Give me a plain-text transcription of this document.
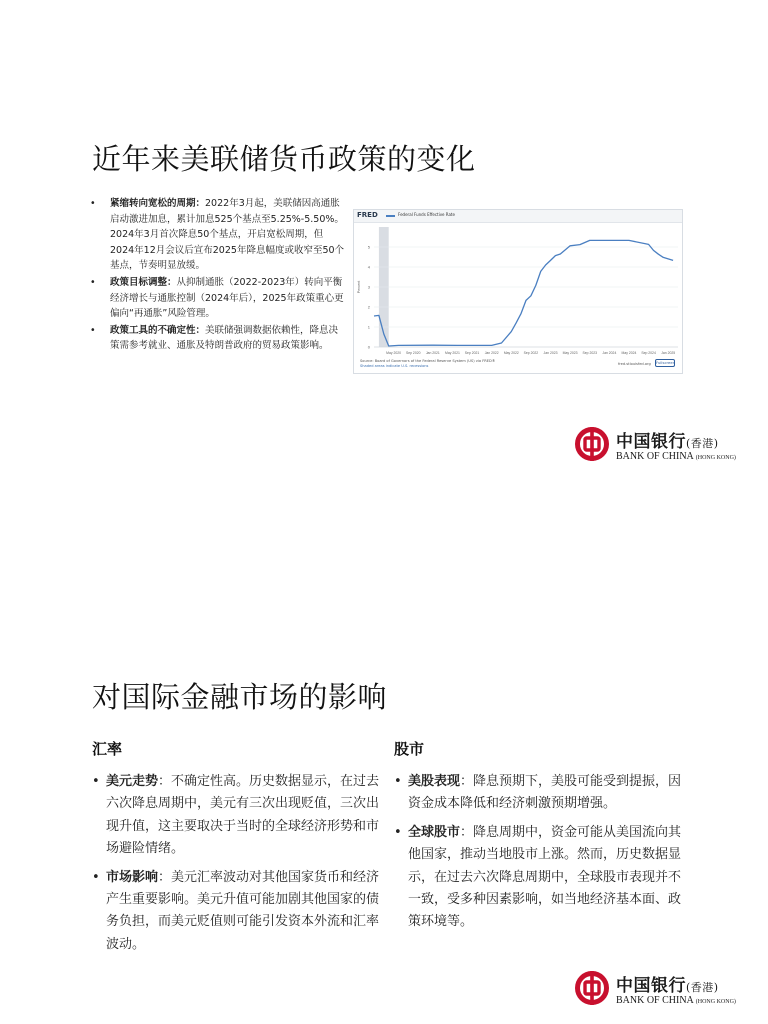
近年来美联储货币政策的变化
• 紧缩转向宽松的周期：2022年3月起，美联储因高通胀启动激进加息，累计加息525个基点至5.25%-5.50%。2024年3月首次降息50个基点，开启宽松周期，但2024年12月会议后宣布2025年降息幅度或收窄至50个基点，节奏明显放缓。
• 政策目标调整：从抑制通胀（2022-2023年）转向平衡经济增长与通胀控制（2024年后），2025年政策重心更偏向“再通胀”风险管理。
• 政策工具的不确定性：美联储强调数据依赖性，降息决策需参考就业、通胀及特朗普政府的贸易政策影响。
FRED	Federal Funds Effective Rate
0
1
2
3
4
5
Percent
May 2020 Sep 2020 Jan 2021 May 2021 Sep 2021 Jan 2022 May 2022 Sep 2022 Jan 2023 May 2023 Sep 2023 Jan 2024 May 2024 Sep 2024 Jan 2025
Source: Board of Governors of the Federal Reserve System (US) via FRED®
Shaded areas indicate U.S. recessions	fred.stlouisfed.org Fullscreen
中国银行(香港)
BANK OF CHINA (HONG KONG)
对国际金融市场的影响
汇率
• 美元走势：不确定性高。历史数据显示，在过去六次降息周期中，美元有三次出现贬值，三次出现升值，这主要取决于当时的全球经济形势和市场避险情绪。
• 市场影响：美元汇率波动对其他国家货币和经济产生重要影响。美元升值可能加剧其他国家的债务负担，而美元贬值则可能引发资本外流和汇率波动。
股市
• 美股表现：降息预期下，美股可能受到提振，因资金成本降低和经济刺激预期增强。
• 全球股市：降息周期中，资金可能从美国流向其他国家，推动当地股市上涨。然而，历史数据显示，在过去六次降息周期中，全球股市表现并不一致，受多种因素影响，如当地经济基本面、政策环境等。
中国银行(香港)
BANK OF CHINA (HONG KONG)
